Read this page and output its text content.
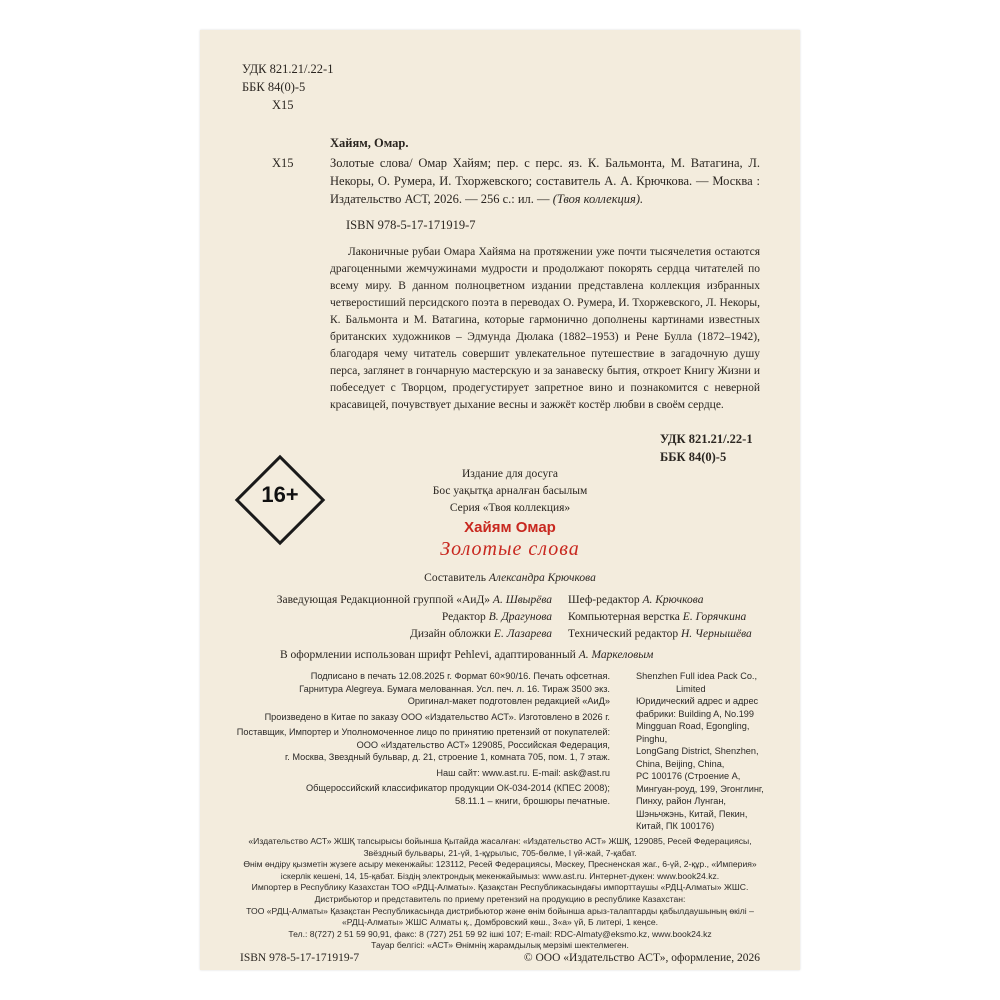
УДК 821.21/.22-1
ББК 84(0)-5
Х15
Х15
Хайям, Омар.
Золотые слова/ Омар Хайям; пер. с перс. яз. К. Бальмонта, М. Ватагина, Л. Некоры, О. Румера, И. Тхоржевского; составитель А. А. Крючкова. — Москва : Издательство АСТ, 2026. — 256 с.: ил. — (Твоя коллекция).
ISBN 978-5-17-171919-7
Лаконичные рубаи Омара Хайяма на протяжении уже почти тысячелетия остаются драгоценными жемчужинами мудрости и продолжают покорять сердца читателей по всему миру. В данном полноцветном издании представлена коллекция избранных четверостиший персидского поэта в переводах О. Румера, И. Тхоржевского, Л. Некоры, К. Бальмонта и М. Ватагина, которые гармонично дополнены картинами известных британских художников – Эдмунда Дюлака (1882–1953) и Рене Булла (1872–1942), благодаря чему читатель совершит увлекательное путешествие в загадочную душу перса, заглянет в гончарную мастерскую и за занавеску бытия, откроет Книгу Жизни и побеседует с Творцом, продегустирует запретное вино и познакомится с неверной красавицей, почувствует дыхание весны и зажжёт костёр любви в своём сердце.
УДК 821.21/.22-1
ББК 84(0)-5
16+
Издание для досуга
Бос уақытқа арналған басылым
Серия «Твоя коллекция»
Хайям Омар
Золотые слова
Составитель Александра Крючкова
Заведующая Редакционной группой «АиД» А. Швырёва
Редактор В. Драгунова
Дизайн обложки Е. Лазарева
Шеф-редактор А. Крючкова
Компьютерная верстка Е. Горячкина
Технический редактор Н. Чернышёва
В оформлении использован шрифт Pehlevi, адаптированный А. Маркеловым
Подписано в печать 12.08.2025 г. Формат 60×90/16. Печать офсетная.
Гарнитура Alegreya. Бумага мелованная. Усл. печ. л. 16. Тираж 3500 экз.
Оригинал-макет подготовлен редакцией «АиД»
Произведено в Китае по заказу ООО «Издательство АСТ». Изготовлено в 2026 г.
Поставщик, Импортер и Уполномоченное лицо по принятию претензий от покупателей:
ООО «Издательство АСТ» 129085, Российская Федерация,
г. Москва, Звездный бульвар, д. 21, строение 1, комната 705, пом. 1, 7 этаж.
Наш сайт: www.ast.ru. E-mail: ask@ast.ru
Общероссийский классификатор продукции ОК-034-2014 (КПЕС 2008);
58.11.1 – книги, брошюры печатные.
Shenzhen Full idea Pack Co.,
Limited
Юридический адрес и адрес
фабрики: Building A, No.199
Mingguan Road, Egongling,
Pinghu,
LongGang District, Shenzhen,
China, Beijing, China,
PC 100176 (Строение А,
Мингуан-роуд, 199, Эгонглинг,
Пинху, район Лунган,
Шэньчжэнь, Китай, Пекин,
Китай, ПК 100176)
«Издательство АСТ» ЖШҚ тапсырысы бойынша Қытайда жасалған: «Издательство АСТ» ЖШҚ, 129085, Ресей Федерациясы,
Звёздный бульвары, 21-үй, 1-құрылыс, 705-бөлме, I үй-жай, 7-қабат.
Өнім өндіру қызметін жүзеге асыру мекенжайы: 123112, Ресей Федерациясы, Мәскеу, Пресненская жаг., 6-үй, 2-құр., «Империя»
іскерлік кешені, 14, 15-қабат. Біздің электрондық мекенжайымыз: www.ast.ru. Интернет-дүкен: www.book24.kz.
Импортер в Республику Казахстан ТОО «РДЦ-Алматы». Қазақстан Республикасындағы импорттаушы «РДЦ-Алматы» ЖШС.
Дистрибьютор и представитель по приему претензий на продукцию в республике Казахстан:
ТОО «РДЦ-Алматы» Қазақстан Республикасында дистрибьютор және өнім бойынша арыз-талаптарды қабылдаушының өкілі –
«РДЦ-Алматы» ЖШС Алматы қ., Домбровский көш., 3«а» үй, Б литері, 1 кеңсе.
Тел.: 8(727) 2 51 59 90,91, факс: 8 (727) 251 59 92 ішкі 107; E-mail: RDC-Almaty@eksmo.kz, www.book24.kz
Тауар белгісі: «АСТ» Өнімнің жарамдылық мерзімі шектелмеген.
ISBN 978-5-17-171919-7	© ООО «Издательство АСТ», оформление, 2026
